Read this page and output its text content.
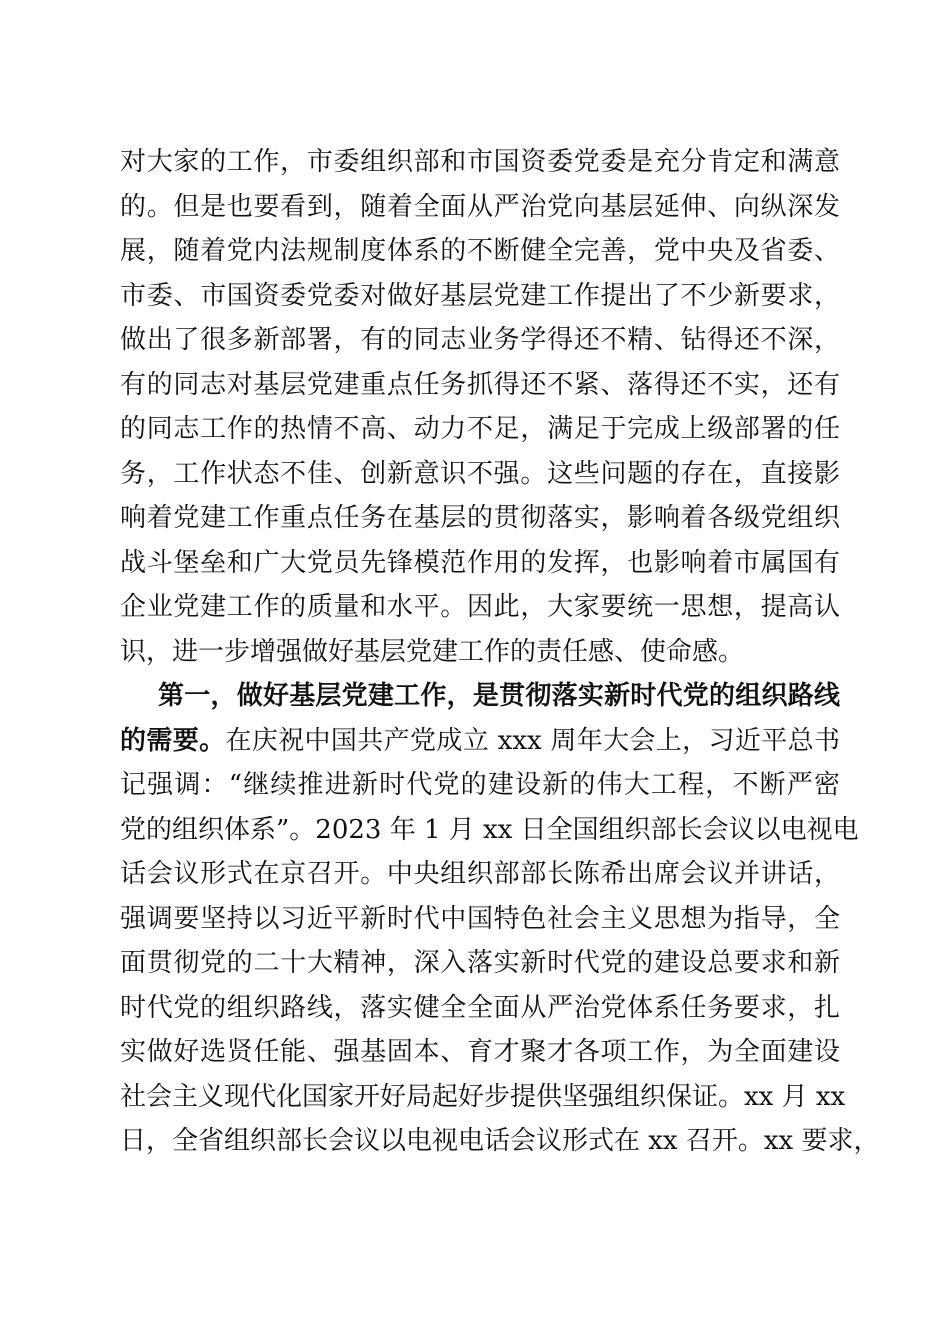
对大家的工作，市委组织部和市国资委党委是充分肯定和满意
的。但是也要看到，随着全面从严治党向基层延伸、向纵深发
展，随着党内法规制度体系的不断健全完善，党中央及省委、
市委、市国资委党委对做好基层党建工作提出了不少新要求，
做出了很多新部署，有的同志业务学得还不精、钻得还不深，
有的同志对基层党建重点任务抓得还不紧、落得还不实，还有
的同志工作的热情不高、动力不足，满足于完成上级部署的任
务，工作状态不佳、创新意识不强。这些问题的存在，直接影
响着党建工作重点任务在基层的贯彻落实，影响着各级党组织
战斗堡垒和广大党员先锋模范作用的发挥，也影响着市属国有
企业党建工作的质量和水平。因此，大家要统一思想，提高认
识，进一步增强做好基层党建工作的责任感、使命感。
第一，做好基层党建工作，是贯彻落实新时代党的组织路线
的需要。在庆祝中国共产党成立 xxx 周年大会上，习近平总书
记强调：“继续推进新时代党的建设新的伟大工程，不断严密
党的组织体系”。2023 年 1 月 xx 日全国组织部长会议以电视电
话会议形式在京召开。中央组织部部长陈希出席会议并讲话，
强调要坚持以习近平新时代中国特色社会主义思想为指导，全
面贯彻党的二十大精神，深入落实新时代党的建设总要求和新
时代党的组织路线，落实健全全面从严治党体系任务要求，扎
实做好选贤任能、强基固本、育才聚才各项工作，为全面建设
社会主义现代化国家开好局起好步提供坚强组织保证。xx 月 xx
日，全省组织部长会议以电视电话会议形式在 xx 召开。xx 要求，
